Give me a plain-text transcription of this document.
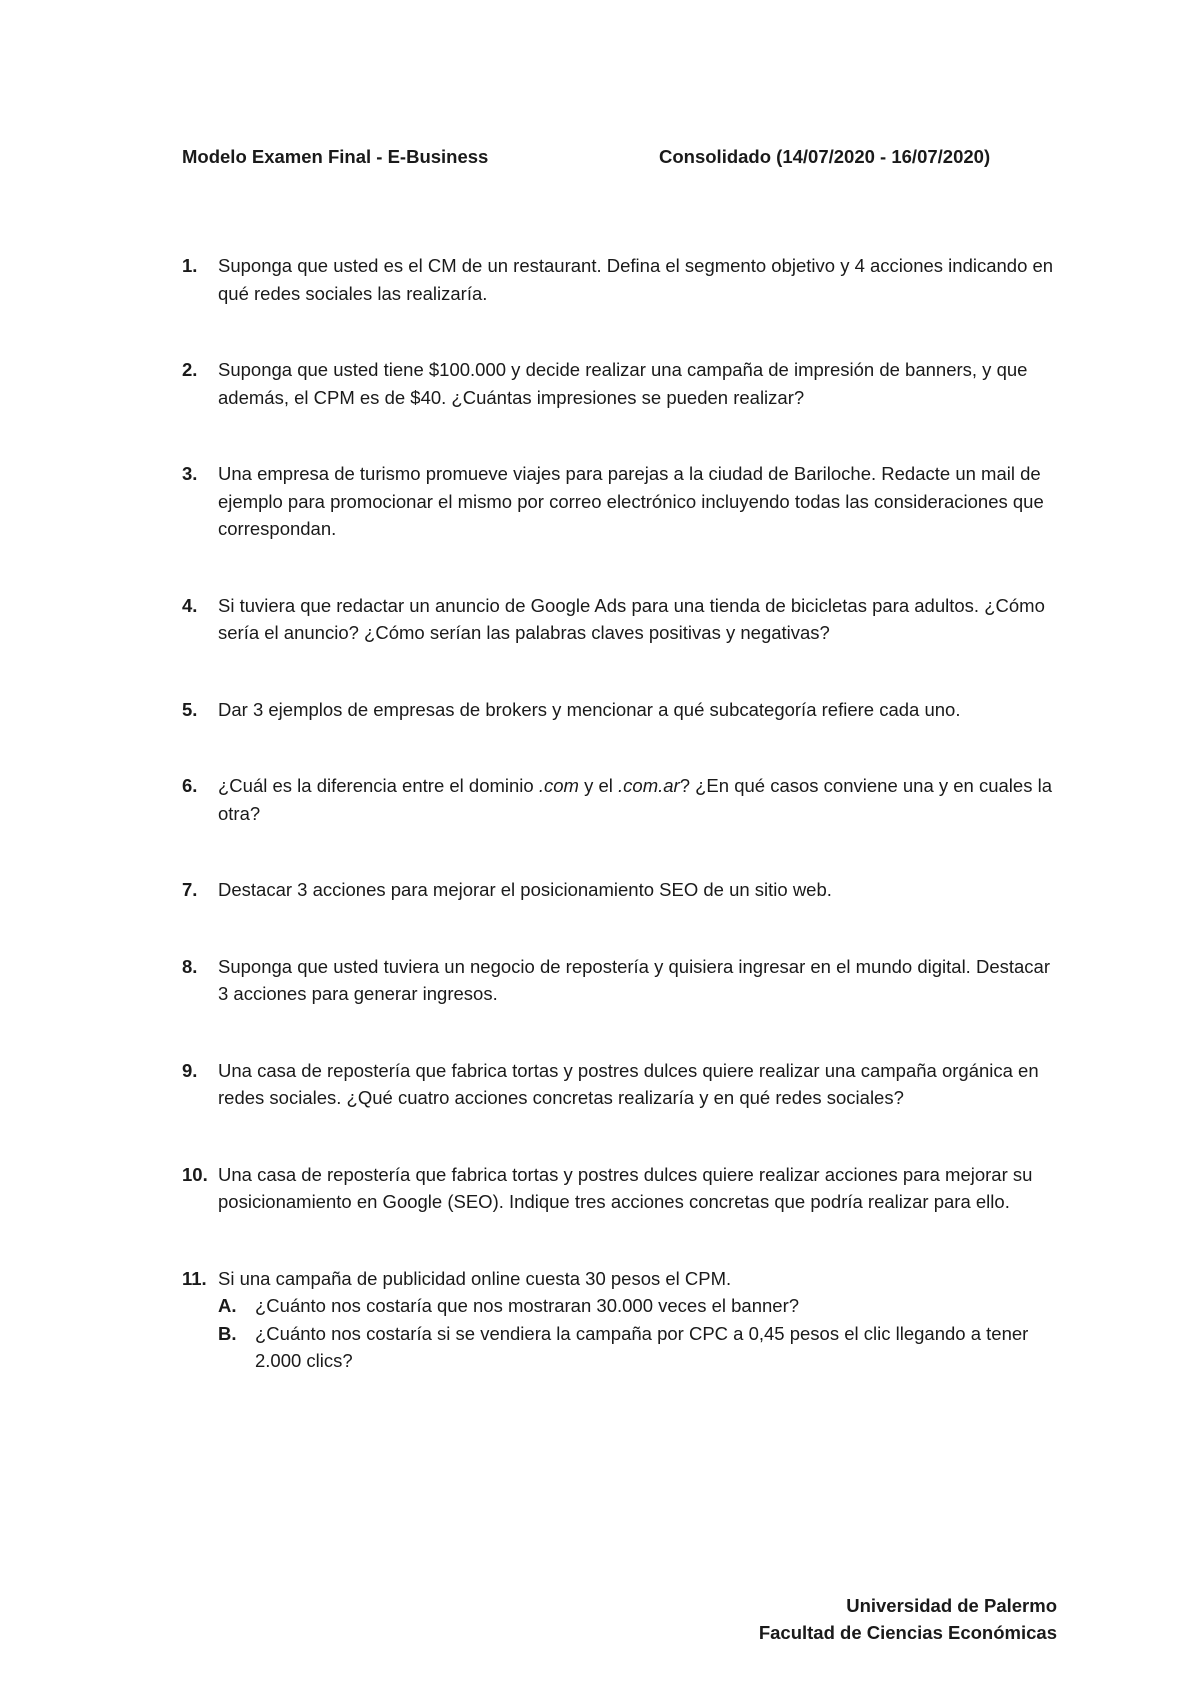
Modelo Examen Final - E-Business	Consolidado (14/07/2020 - 16/07/2020)
1. Suponga que usted es el CM de un restaurant. Defina el segmento objetivo y 4 acciones indicando en qué redes sociales las realizaría.
2. Suponga que usted tiene $100.000 y decide realizar una campaña de impresión de banners, y que además, el CPM es de $40. ¿Cuántas impresiones se pueden realizar?
3. Una empresa de turismo promueve viajes para parejas a la ciudad de Bariloche. Redacte un mail de ejemplo para promocionar el mismo por correo electrónico incluyendo todas las consideraciones que correspondan.
4. Si tuviera que redactar un anuncio de Google Ads para una tienda de bicicletas para adultos. ¿Cómo sería el anuncio? ¿Cómo serían las palabras claves positivas y negativas?
5. Dar 3 ejemplos de empresas de brokers y mencionar a qué subcategoría refiere cada uno.
6. ¿Cuál es la diferencia entre el dominio .com y el .com.ar? ¿En qué casos conviene una y en cuales la otra?
7. Destacar 3 acciones para mejorar el posicionamiento SEO de un sitio web.
8. Suponga que usted tuviera un negocio de repostería y quisiera ingresar en el mundo digital. Destacar 3 acciones para generar ingresos.
9. Una casa de repostería que fabrica tortas y postres dulces quiere realizar una campaña orgánica en redes sociales. ¿Qué cuatro acciones concretas realizaría y en qué redes sociales?
10. Una casa de repostería que fabrica tortas y postres dulces quiere realizar acciones para mejorar su posicionamiento en Google (SEO). Indique tres acciones concretas que podría realizar para ello.
11. Si una campaña de publicidad online cuesta 30 pesos el CPM.
A. ¿Cuánto nos costaría que nos mostraran 30.000 veces el banner?
B. ¿Cuánto nos costaría si se vendiera la campaña por CPC a 0,45 pesos el clic llegando a tener 2.000 clics?
Universidad de Palermo
Facultad de Ciencias Económicas
